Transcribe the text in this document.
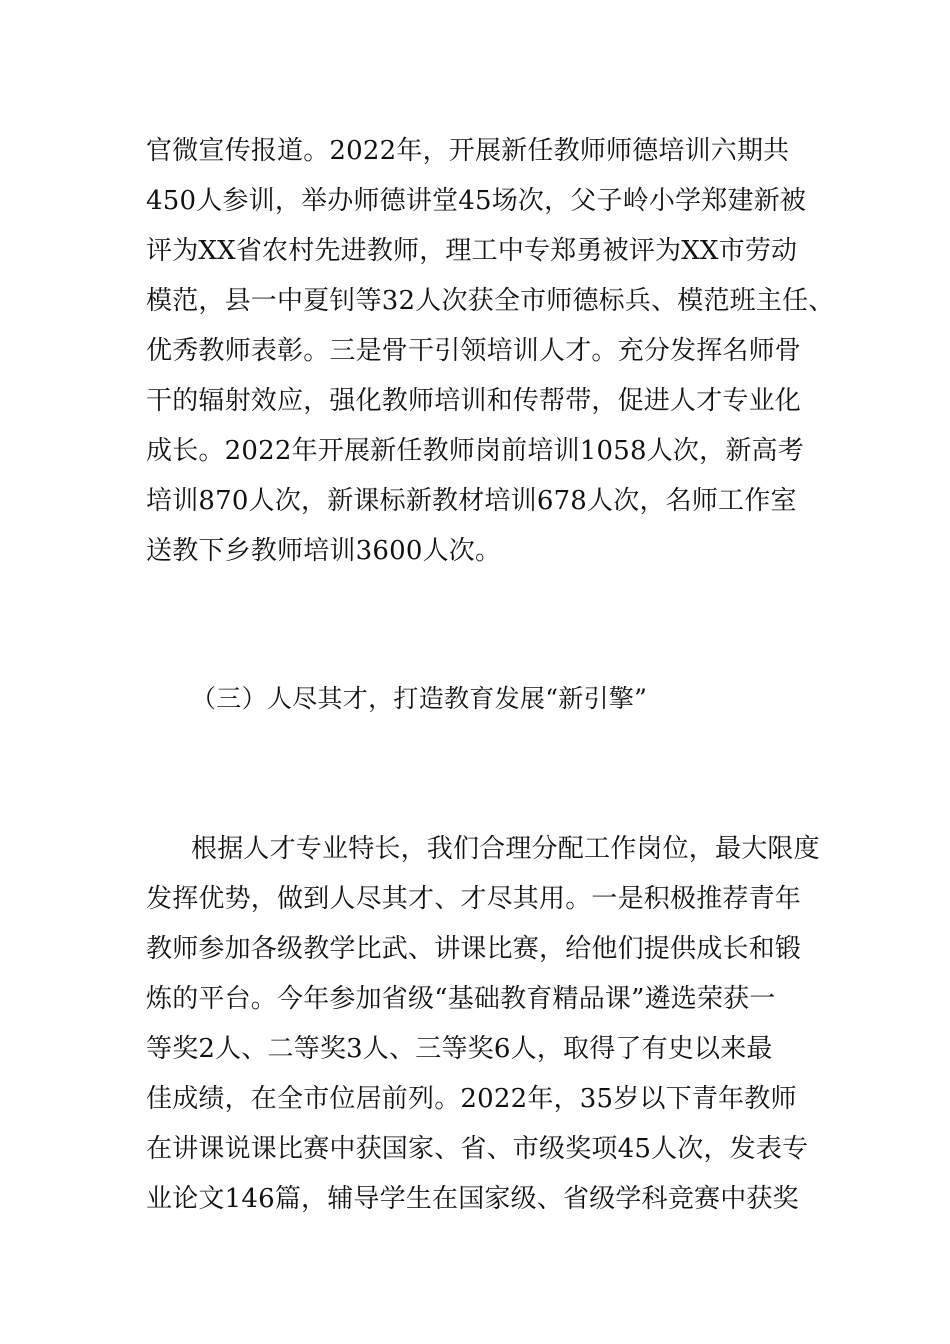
官微宣传报道。2022年，开展新任教师师德培训六期共
450人参训，举办师德讲堂45场次，父子岭小学郑建新被
评为XX省农村先进教师，理工中专郑勇被评为XX市劳动
模范，县一中夏钊等32人次获全市师德标兵、模范班主任、
优秀教师表彰。三是骨干引领培训人才。充分发挥名师骨
干的辐射效应，强化教师培训和传帮带，促进人才专业化
成长。2022年开展新任教师岗前培训1058人次，新高考
培训870人次，新课标新教材培训678人次，名师工作室
送教下乡教师培训3600人次。
（三）人尽其才，打造教育发展“新引擎”
根据人才专业特长，我们合理分配工作岗位，最大限度
发挥优势，做到人尽其才、才尽其用。一是积极推荐青年
教师参加各级教学比武、讲课比赛，给他们提供成长和锻
炼的平台。今年参加省级“基础教育精品课”遴选荣获一
等奖2人、二等奖3人、三等奖6人，取得了有史以来最
佳成绩，在全市位居前列。2022年，35岁以下青年教师
在讲课说课比赛中获国家、省、市级奖项45人次，发表专
业论文146篇，辅导学生在国家级、省级学科竞赛中获奖
